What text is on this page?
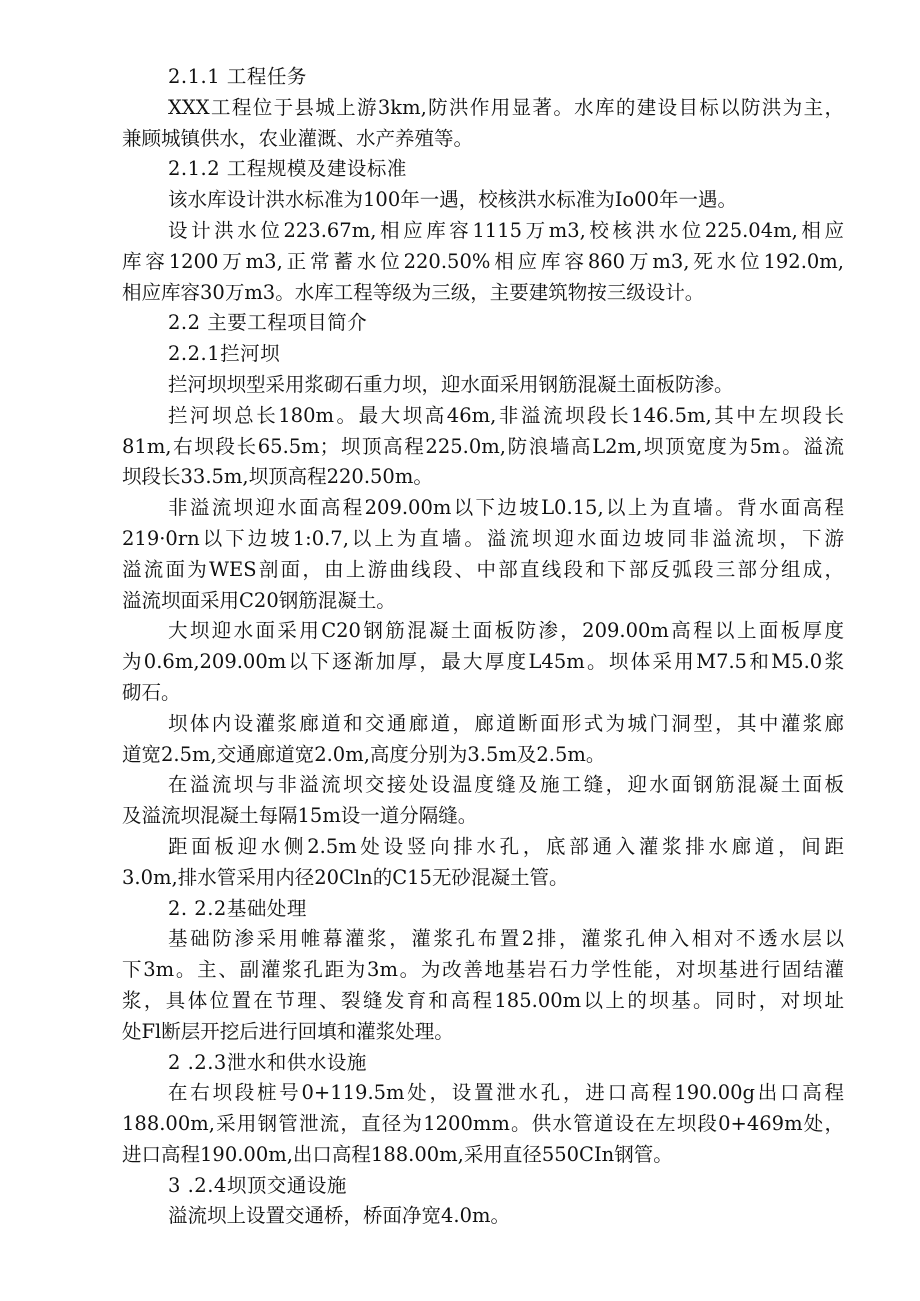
2.1.1 工程任务
XXX工程位于县城上游3km,防洪作用显著。水库的建设目标以防洪为主，
兼顾城镇供水，农业灌溉、水产养殖等。
2.1.2 工程规模及建设标准
该水库设计洪水标准为100年一遇，校核洪水标准为Io00年一遇。
设计洪水位223.67m,相应库容1115万m3,校核洪水位225.04m,相应
库容1200万m3,正常蓄水位220.50%相应库容860万m3,死水位192.0m,
相应库容30万m3。水库工程等级为三级，主要建筑物按三级设计。
2.2 主要工程项目简介
2.2.1拦河坝
拦河坝坝型采用浆砌石重力坝，迎水面采用钢筋混凝土面板防渗。
拦河坝总长180m。最大坝高46m,非溢流坝段长146.5m,其中左坝段长
81m,右坝段长65.5m；坝顶高程225.0m,防浪墙高L2m,坝顶宽度为5m。溢流
坝段长33.5m,坝顶高程220.50m。
非溢流坝迎水面高程209.00m以下边坡L0.15,以上为直墙。背水面高程
219·0rn以下边坡1:0.7,以上为直墙。溢流坝迎水面边坡同非溢流坝，下游
溢流面为WES剖面，由上游曲线段、中部直线段和下部反弧段三部分组成，
溢流坝面采用C20钢筋混凝土。
大坝迎水面采用C20钢筋混凝土面板防渗，209.00m高程以上面板厚度
为0.6m,209.00m以下逐渐加厚，最大厚度L45m。坝体采用M7.5和M5.0浆
砌石。
坝体内设灌浆廊道和交通廊道，廊道断面形式为城门洞型，其中灌浆廊
道宽2.5m,交通廊道宽2.0m,高度分别为3.5m及2.5m。
在溢流坝与非溢流坝交接处设温度缝及施工缝，迎水面钢筋混凝土面板
及溢流坝混凝土每隔15m设一道分隔缝。
距面板迎水侧2.5m处设竖向排水孔，底部通入灌浆排水廊道，间距
3.0m,排水管采用内径20Cln的C15无砂混凝土管。
2. 2.2基础处理
基础防渗采用帷幕灌浆，灌浆孔布置2排，灌浆孔伸入相对不透水层以
下3m。主、副灌浆孔距为3m。为改善地基岩石力学性能，对坝基进行固结灌
浆，具体位置在节理、裂缝发育和高程185.00m以上的坝基。同时，对坝址
处Fl断层开挖后进行回填和灌浆处理。
2 .2.3泄水和供水设施
在右坝段桩号0+119.5m处，设置泄水孔，进口高程190.00g出口高程
188.00m,采用钢管泄流，直径为1200mm。供水管道设在左坝段0+469m处，
进口高程190.00m,出口高程188.00m,采用直径550CIn钢管。
3 .2.4坝顶交通设施
溢流坝上设置交通桥，桥面净宽4.0m。
